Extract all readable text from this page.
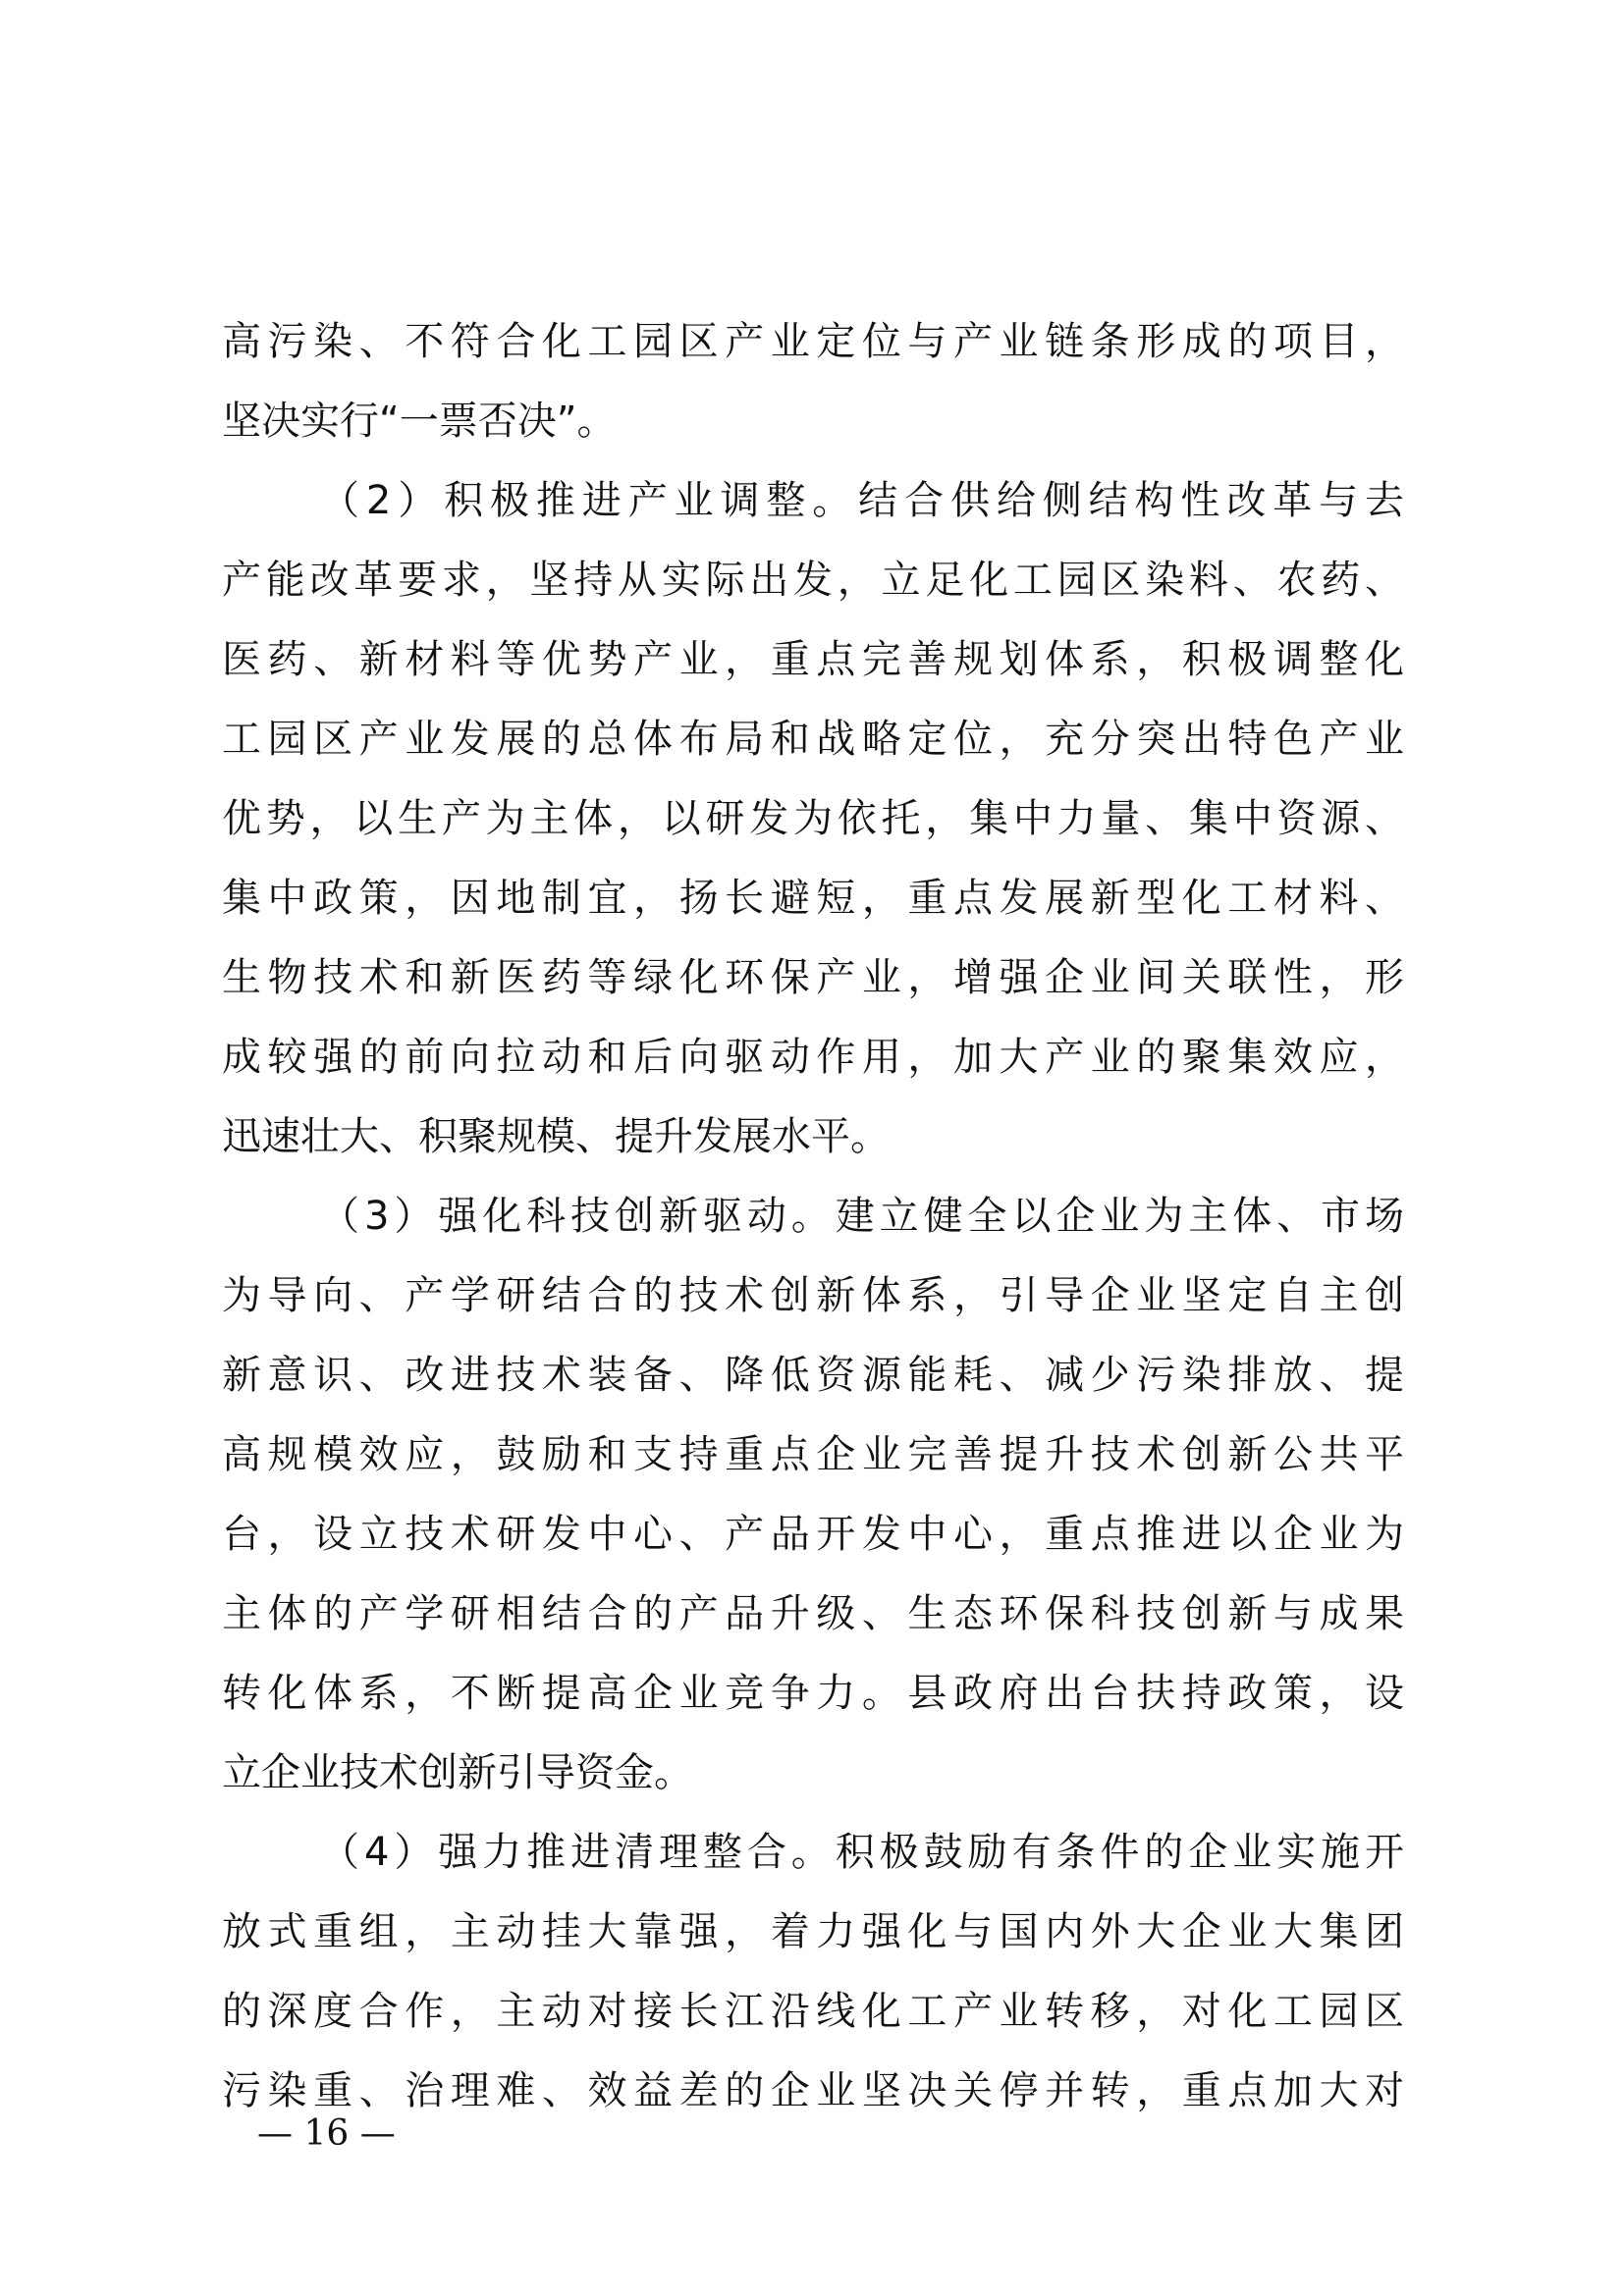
高污染、不符合化工园区产业定位与产业链条形成的项目，
坚决实行“一票否决”。
（2）积极推进产业调整。结合供给侧结构性改革与去
产能改革要求，坚持从实际出发，立足化工园区染料、农药、
医药、新材料等优势产业，重点完善规划体系，积极调整化
工园区产业发展的总体布局和战略定位，充分突出特色产业
优势，以生产为主体，以研发为依托，集中力量、集中资源、
集中政策，因地制宜，扬长避短，重点发展新型化工材料、
生物技术和新医药等绿化环保产业，增强企业间关联性，形
成较强的前向拉动和后向驱动作用，加大产业的聚集效应，
迅速壮大、积聚规模、提升发展水平。
（3）强化科技创新驱动。建立健全以企业为主体、市场
为导向、产学研结合的技术创新体系，引导企业坚定自主创
新意识、改进技术装备、降低资源能耗、减少污染排放、提
高规模效应，鼓励和支持重点企业完善提升技术创新公共平
台，设立技术研发中心、产品开发中心，重点推进以企业为
主体的产学研相结合的产品升级、生态环保科技创新与成果
转化体系，不断提高企业竞争力。县政府出台扶持政策，设
立企业技术创新引导资金。
（4）强力推进清理整合。积极鼓励有条件的企业实施开
放式重组，主动挂大靠强，着力强化与国内外大企业大集团
的深度合作，主动对接长江沿线化工产业转移，对化工园区
污染重、治理难、效益差的企业坚决关停并转，重点加大对
— 16 —
